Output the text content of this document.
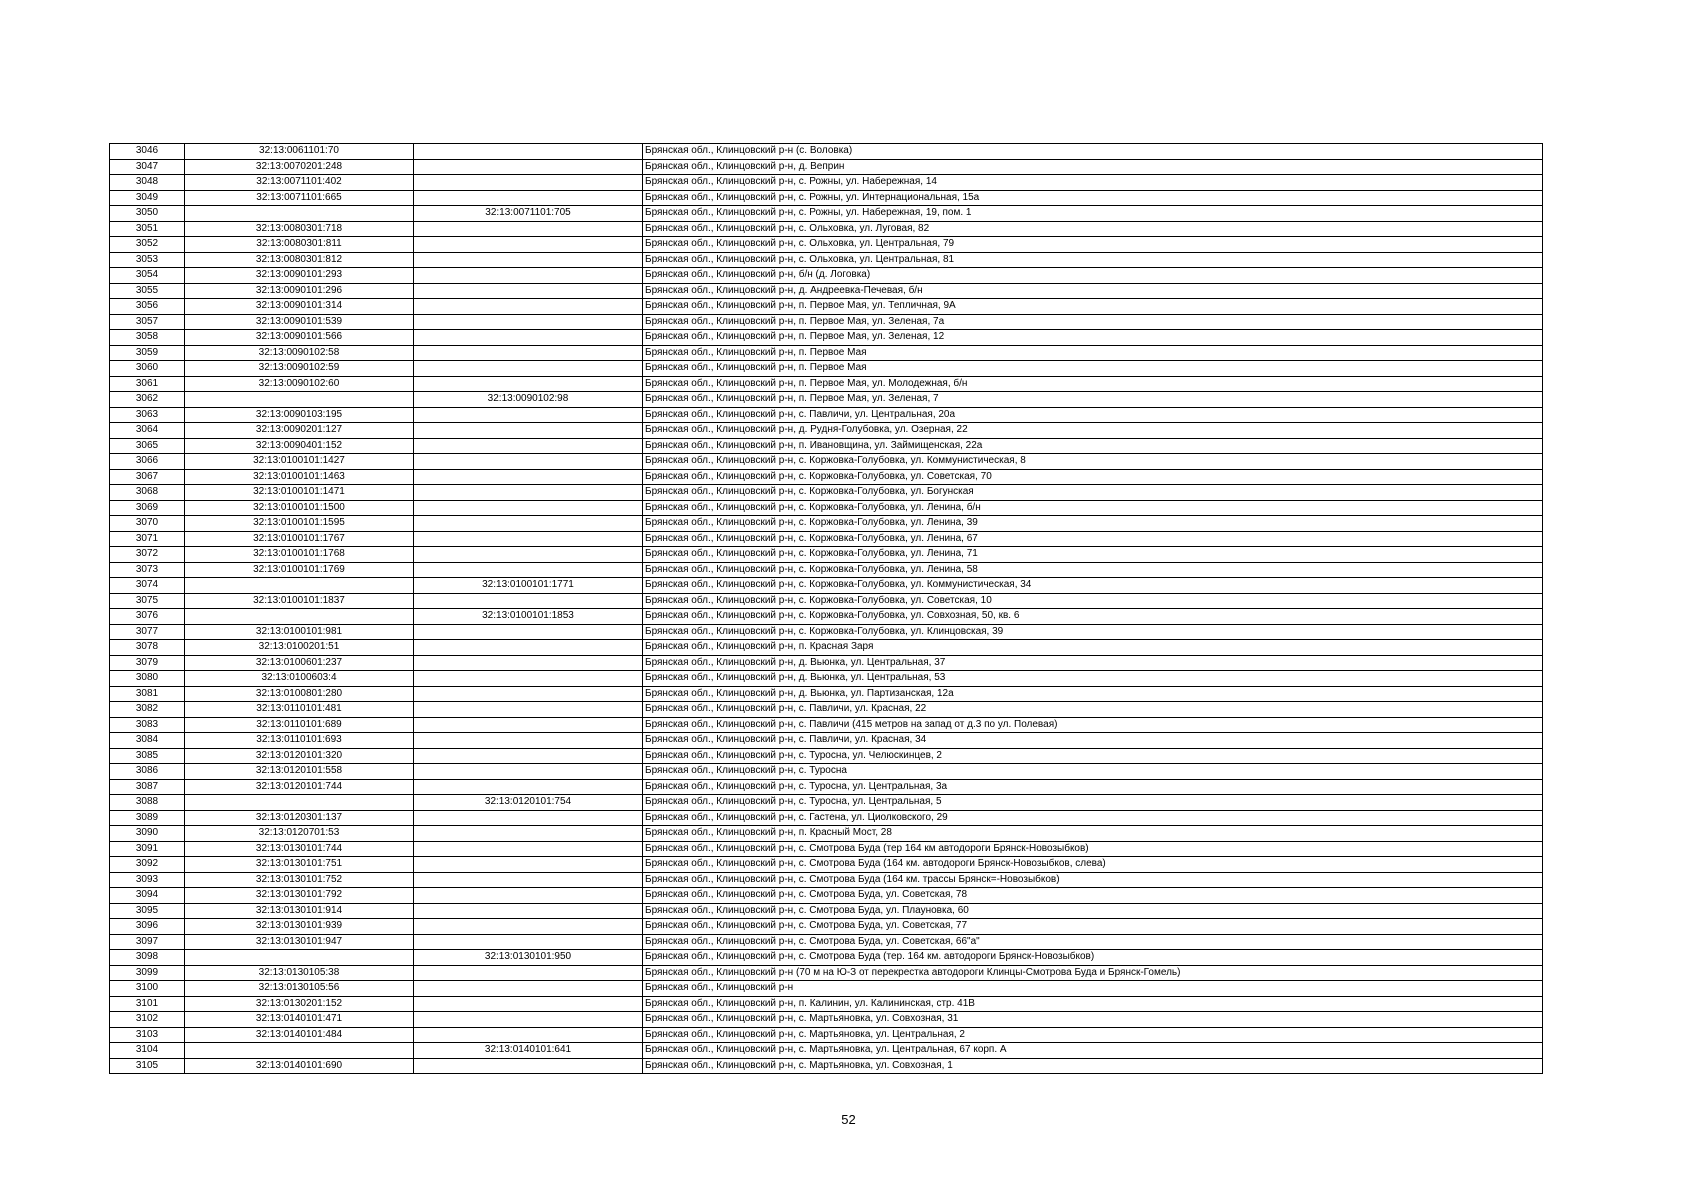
3046	32:13:0061101:70		Брянская обл., Клинцовский р-н (с. Воловка)
3047	32:13:0070201:248		Брянская обл., Клинцовский р-н, д. Веприн
3048	32:13:0071101:402		Брянская обл., Клинцовский р-н, с. Рожны, ул. Набережная, 14
3049	32:13:0071101:665		Брянская обл., Клинцовский р-н, с. Рожны, ул. Интернациональная, 15а
3050		32:13:0071101:705	Брянская обл., Клинцовский р-н, с. Рожны, ул. Набережная, 19, пом. 1
3051	32:13:0080301:718		Брянская обл., Клинцовский р-н, с. Ольховка, ул. Луговая, 82
3052	32:13:0080301:811		Брянская обл., Клинцовский р-н, с. Ольховка, ул. Центральная, 79
3053	32:13:0080301:812		Брянская обл., Клинцовский р-н, с. Ольховка, ул. Центральная, 81
3054	32:13:0090101:293		Брянская обл., Клинцовский р-н, б/н (д. Логовка)
3055	32:13:0090101:296		Брянская обл., Клинцовский р-н, д. Андреевка-Печевая, б/н
3056	32:13:0090101:314		Брянская обл., Клинцовский р-н, п. Первое Мая, ул. Тепличная, 9А
3057	32:13:0090101:539		Брянская обл., Клинцовский р-н, п. Первое Мая, ул. Зеленая, 7а
3058	32:13:0090101:566		Брянская обл., Клинцовский р-н, п. Первое Мая, ул. Зеленая, 12
3059	32:13:0090102:58		Брянская обл., Клинцовский р-н, п. Первое Мая
3060	32:13:0090102:59		Брянская обл., Клинцовский р-н, п. Первое Мая
3061	32:13:0090102:60		Брянская обл., Клинцовский р-н, п. Первое Мая, ул. Молодежная, б/н
3062		32:13:0090102:98	Брянская обл., Клинцовский р-н, п. Первое Мая, ул. Зеленая, 7
3063	32:13:0090103:195		Брянская обл., Клинцовский р-н, с. Павличи, ул. Центральная, 20а
3064	32:13:0090201:127		Брянская обл., Клинцовский р-н, д. Рудня-Голубовка, ул. Озерная, 22
3065	32:13:0090401:152		Брянская обл., Клинцовский р-н, п. Ивановщина, ул. Займищенская, 22а
3066	32:13:0100101:1427		Брянская обл., Клинцовский р-н, с. Коржовка-Голубовка, ул. Коммунистическая, 8
3067	32:13:0100101:1463		Брянская обл., Клинцовский р-н, с. Коржовка-Голубовка, ул. Советская, 70
3068	32:13:0100101:1471		Брянская обл., Клинцовский р-н, с. Коржовка-Голубовка, ул. Богунская
3069	32:13:0100101:1500		Брянская обл., Клинцовский р-н, с. Коржовка-Голубовка, ул. Ленина, б/н
3070	32:13:0100101:1595		Брянская обл., Клинцовский р-н, с. Коржовка-Голубовка, ул. Ленина, 39
3071	32:13:0100101:1767		Брянская обл., Клинцовский р-н, с. Коржовка-Голубовка, ул. Ленина, 67
3072	32:13:0100101:1768		Брянская обл., Клинцовский р-н, с. Коржовка-Голубовка, ул. Ленина, 71
3073	32:13:0100101:1769		Брянская обл., Клинцовский р-н, с. Коржовка-Голубовка, ул. Ленина, 58
3074		32:13:0100101:1771	Брянская обл., Клинцовский р-н, с. Коржовка-Голубовка, ул. Коммунистическая, 34
3075	32:13:0100101:1837		Брянская обл., Клинцовский р-н, с. Коржовка-Голубовка, ул. Советская, 10
3076		32:13:0100101:1853	Брянская обл., Клинцовский р-н, с. Коржовка-Голубовка, ул. Совхозная, 50, кв. 6
3077	32:13:0100101:981		Брянская обл., Клинцовский р-н, с. Коржовка-Голубовка, ул. Клинцовская, 39
3078	32:13:0100201:51		Брянская обл., Клинцовский р-н, п. Красная Заря
3079	32:13:0100601:237		Брянская обл., Клинцовский р-н, д. Вьюнка, ул. Центральная, 37
3080	32:13:0100603:4		Брянская обл., Клинцовский р-н, д. Вьюнка, ул. Центральная, 53
3081	32:13:0100801:280		Брянская обл., Клинцовский р-н, д. Вьюнка, ул. Партизанская, 12а
3082	32:13:0110101:481		Брянская обл., Клинцовский р-н, с. Павличи, ул. Красная, 22
3083	32:13:0110101:689		Брянская обл., Клинцовский р-н, с. Павличи (415 метров на запад от д.3 по ул. Полевая)
3084	32:13:0110101:693		Брянская обл., Клинцовский р-н, с. Павличи, ул. Красная, 34
3085	32:13:0120101:320		Брянская обл., Клинцовский р-н, с. Туросна, ул. Челюскинцев, 2
3086	32:13:0120101:558		Брянская обл., Клинцовский р-н, с. Туросна
3087	32:13:0120101:744		Брянская обл., Клинцовский р-н, с. Туросна, ул. Центральная, 3а
3088		32:13:0120101:754	Брянская обл., Клинцовский р-н, с. Туросна, ул. Центральная, 5
3089	32:13:0120301:137		Брянская обл., Клинцовский р-н, с. Гастена, ул. Циолковского, 29
3090	32:13:0120701:53		Брянская обл., Клинцовский р-н, п. Красный Мост, 28
3091	32:13:0130101:744		Брянская обл., Клинцовский р-н, с. Смотрова Буда (тер 164 км автодороги Брянск-Новозыбков)
3092	32:13:0130101:751		Брянская обл., Клинцовский р-н, с. Смотрова Буда (164 км. автодороги Брянск-Новозыбков, слева)
3093	32:13:0130101:752		Брянская обл., Клинцовский р-н, с. Смотрова Буда (164 км. трассы Брянск=-Новозыбков)
3094	32:13:0130101:792		Брянская обл., Клинцовский р-н, с. Смотрова Буда, ул. Советская, 78
3095	32:13:0130101:914		Брянская обл., Клинцовский р-н, с. Смотрова Буда, ул. Плауновка, 60
3096	32:13:0130101:939		Брянская обл., Клинцовский р-н, с. Смотрова Буда, ул. Советская, 77
3097	32:13:0130101:947		Брянская обл., Клинцовский р-н, с. Смотрова Буда, ул. Советская, 66"а"
3098		32:13:0130101:950	Брянская обл., Клинцовский р-н, с. Смотрова Буда (тер. 164 км. автодороги Брянск-Новозыбков)
3099	32:13:0130105:38		Брянская обл., Клинцовский р-н (70 м на Ю-З от перекрестка автодороги Клинцы-Смотрова Буда и Брянск-Гомель)
3100	32:13:0130105:56		Брянская обл., Клинцовский р-н
3101	32:13:0130201:152		Брянская обл., Клинцовский р-н, п. Калинин, ул. Калининская, стр. 41В
3102	32:13:0140101:471		Брянская обл., Клинцовский р-н, с. Мартьяновка, ул. Совхозная, 31
3103	32:13:0140101:484		Брянская обл., Клинцовский р-н, с. Мартьяновка, ул. Центральная, 2
3104		32:13:0140101:641	Брянская обл., Клинцовский р-н, с. Мартьяновка, ул. Центральная, 67 корп. А
3105	32:13:0140101:690		Брянская обл., Клинцовский р-н, с. Мартьяновка, ул. Совхозная, 1
52
